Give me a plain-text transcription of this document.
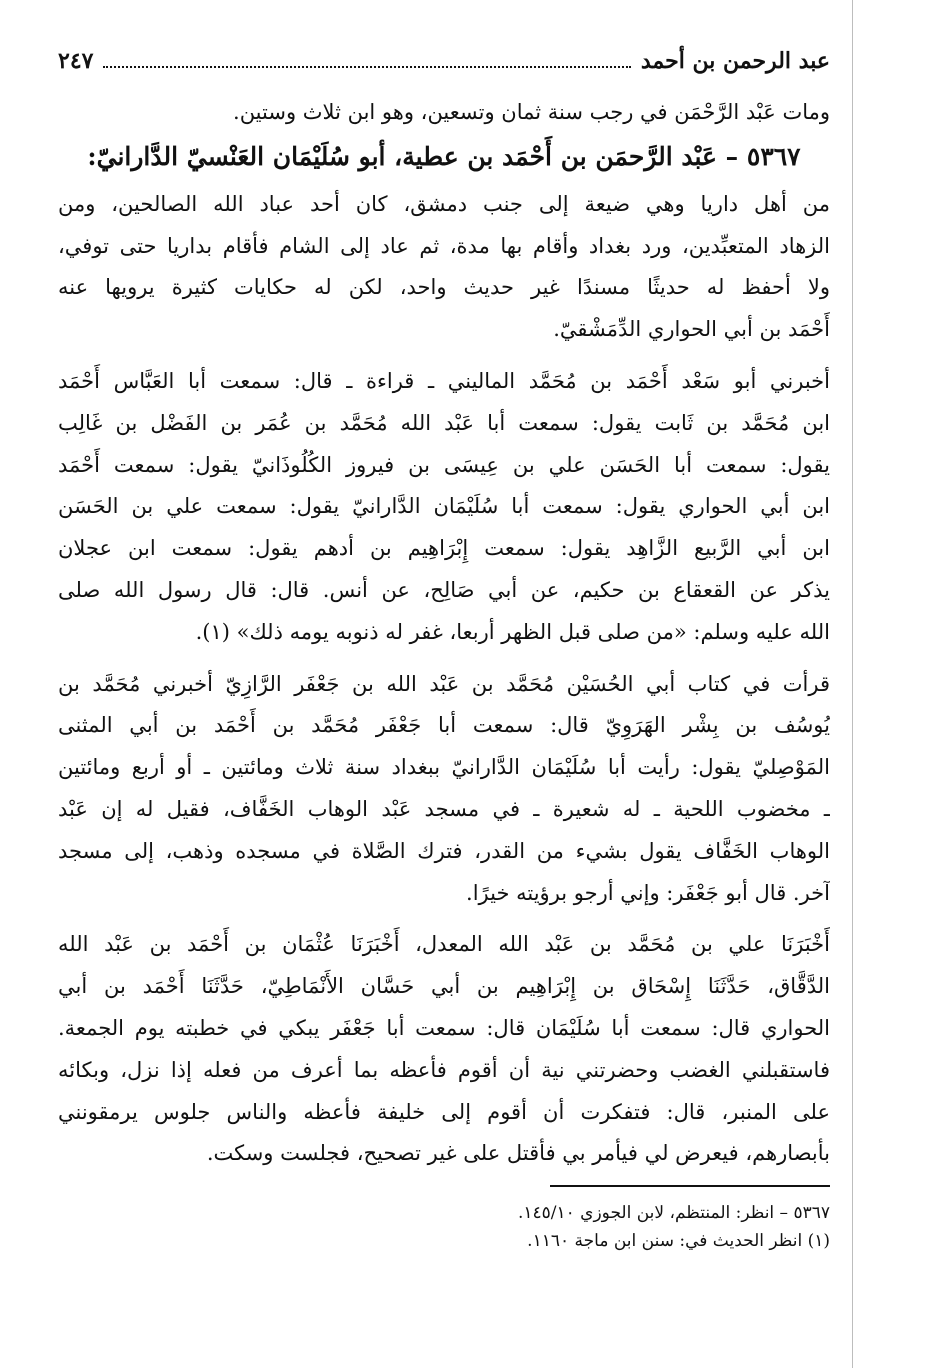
عبد الرحمن بن أحمد
٢٤٧
ومات عَبْد الرَّحْمَن في رجب سنة ثمان وتسعين، وهو ابن ثلاث وستين.
٥٣٦٧ – عَبْد الرَّحمَن بن أَحْمَد بن عطية، أبو سُلَيْمَان العَنْسيّ الدَّارانيّ:
من أهل داريا وهي ضيعة إلى جنب دمشق، كان أحد عباد الله الصالحين، ومن
الزهاد المتعبِّدين، ورد بغداد وأقام بها مدة، ثم عاد إلى الشام فأقام بداريا حتى توفي،
ولا أحفظ له حديثًا مسندًا غير حديث واحد، لكن له حكايات كثيرة يرويها عنه
أَحْمَد بن أبي الحواري الدِّمَشْقيّ.
أخبرني أبو سَعْد أَحْمَد بن مُحَمَّد الماليني ـ قراءة ـ قال: سمعت أبا العَبَّاس أَحْمَد
ابن مُحَمَّد بن ثَابت يقول: سمعت أبا عَبْد الله مُحَمَّد بن عُمَر بن الفَضْل بن غَالِب
يقول: سمعت أبا الحَسَن علي بن عِيسَى بن فيروز الكُلُوذَانيّ يقول: سمعت أَحْمَد
ابن أبي الحواري يقول: سمعت أبا سُلَيْمَان الدَّارانيّ يقول: سمعت علي بن الحَسَن
ابن أبي الرَّبيع الزَّاهِد يقول: سمعت إِبْرَاهِيم بن أدهم يقول: سمعت ابن عجلان
يذكر عن القعقاع بن حكيم، عن أبي صَالِح، عن أنس. قال: قال رسول الله صلى
الله عليه وسلم: «من صلى قبل الظهر أربعا، غفر له ذنوبه يومه ذلك» (١).
قرأت في كتاب أبي الحُسَيْن مُحَمَّد بن عَبْد الله بن جَعْفَر الرَّازِيّ أخبرني مُحَمَّد بن
يُوسُف بن بِشْر الهَرَوِيّ قال: سمعت أبا جَعْفَر مُحَمَّد بن أَحْمَد بن أبي المثنى
المَوْصِليّ يقول: رأيت أبا سُلَيْمَان الدَّارانيّ ببغداد سنة ثلاث ومائتين ـ أو أربع ومائتين
ـ مخضوب اللحية ـ له شعيرة ـ في مسجد عَبْد الوهاب الخَفَّاف، فقيل له إن عَبْد
الوهاب الخَفَّاف يقول بشيء من القدر، فترك الصَّلاة في مسجده وذهب، إلى مسجد
آخر. قال أبو جَعْفَر: وإني أرجو برؤيته خيرًا.
أَخْبَرَنَا علي بن مُحَمَّد بن عَبْد الله المعدل، أَخْبَرَنَا عُثْمَان بن أَحْمَد بن عَبْد الله
الدَّقَّاق، حَدَّثَنَا إِسْحَاق بن إِبْرَاهِيم بن أبي حَسَّان الأَنْمَاطِيّ، حَدَّثَنَا أَحْمَد بن أبي
الحواري قال: سمعت أبا سُلَيْمَان قال: سمعت أبا جَعْفَر يبكي في خطبته يوم الجمعة.
فاستقبلني الغضب وحضرتني نية أن أقوم فأعظه بما أعرف من فعله إذا نزل، وبكائه
على المنبر، قال: فتفكرت أن أقوم إلى خليفة فأعظه والناس جلوس يرمقونني
بأبصارهم، فيعرض لي فيأمر بي فأقتل على غير تصحيح، فجلست وسكت.
٥٣٦٧ – انظر: المنتظم، لابن الجوزي ١٤٥/١٠.
(١) انظر الحديث في: سنن ابن ماجة ١١٦٠.
